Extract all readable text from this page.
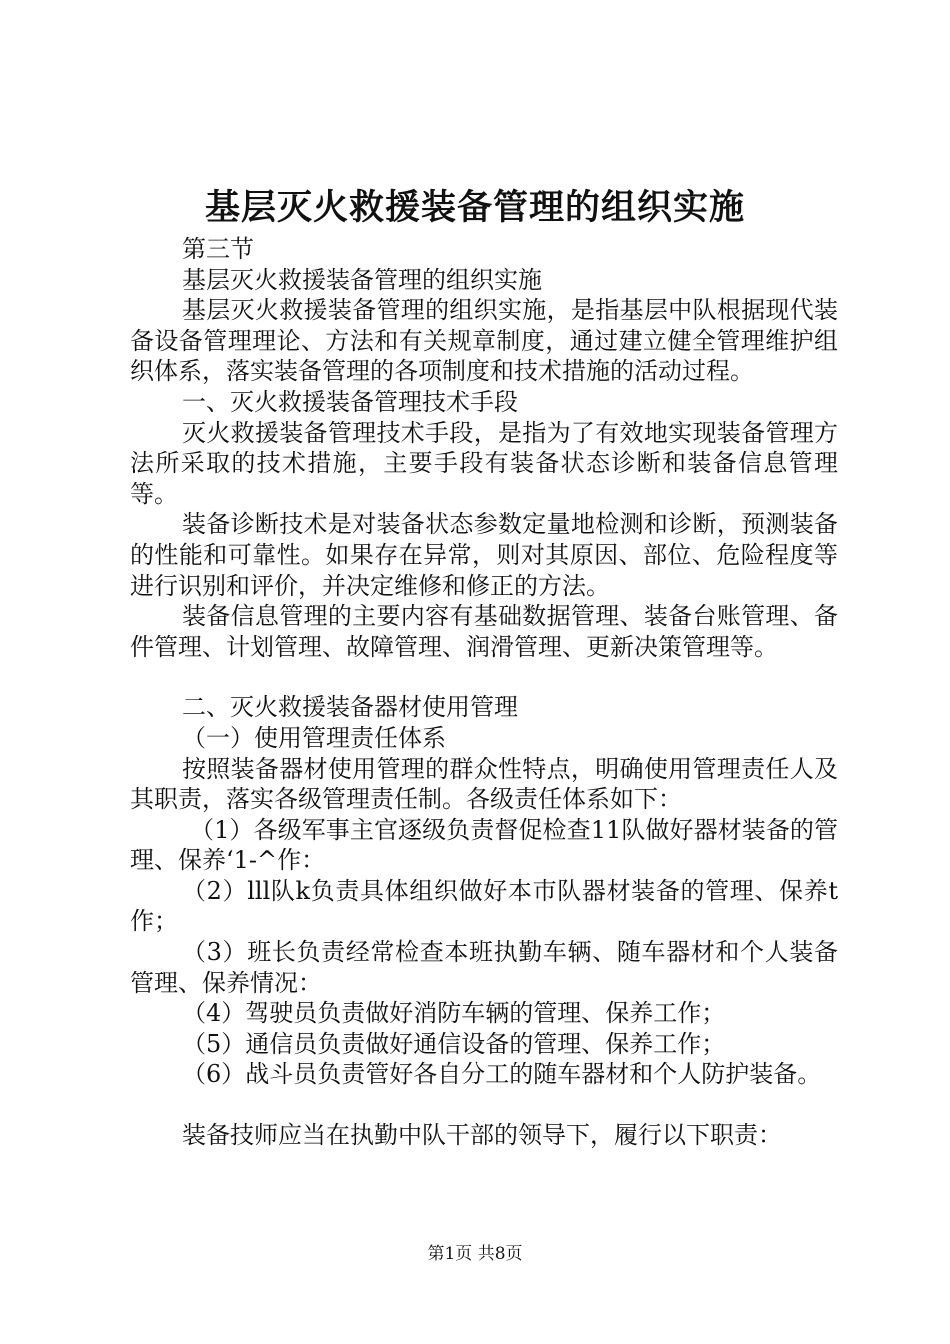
基层灭火救援装备管理的组织实施

第三节

基层灭火救援装备管理的组织实施

基层灭火救援装备管理的组织实施，是指基层中队根据现代装备设备管理理论、方法和有关规章制度，通过建立健全管理维护组织体系，落实装备管理的各项制度和技术措施的活动过程。

一、灭火救援装备管理技术手段

灭火救援装备管理技术手段，是指为了有效地实现装备管理方法所采取的技术措施，主要手段有装备状态诊断和装备信息管理等。

装备诊断技术是对装备状态参数定量地检测和诊断，预测装备的性能和可靠性。如果存在异常，则对其原因、部位、危险程度等进行识别和评价，并决定维修和修正的方法。

装备信息管理的主要内容有基础数据管理、装备台账管理、备件管理、计划管理、故障管理、润滑管理、更新决策管理等。

二、灭火救援装备器材使用管理

（一）使用管理责任体系

按照装备器材使用管理的群众性特点，明确使用管理责任人及其职责，落实各级管理责任制。各级责任体系如下：

（1）各级军事主官逐级负责督促检查11队做好器材装备的管理、保养‘1-^作：

（2）lll队k负责具体组织做好本巿队器材装备的管理、保养t作；

（3）班长负责经常检查本班执勤车辆、随车器材和个人装备管理、保养情况：

（4）驾驶员负责做好消防车辆的管理、保养工作；

（5）通信员负责做好通信设备的管理、保养工作；

（6）战斗员负责管好各自分工的随车器材和个人防护装备。

装备技师应当在执勤中队干部的领导下，履行以下职责：

第1页 共8页
